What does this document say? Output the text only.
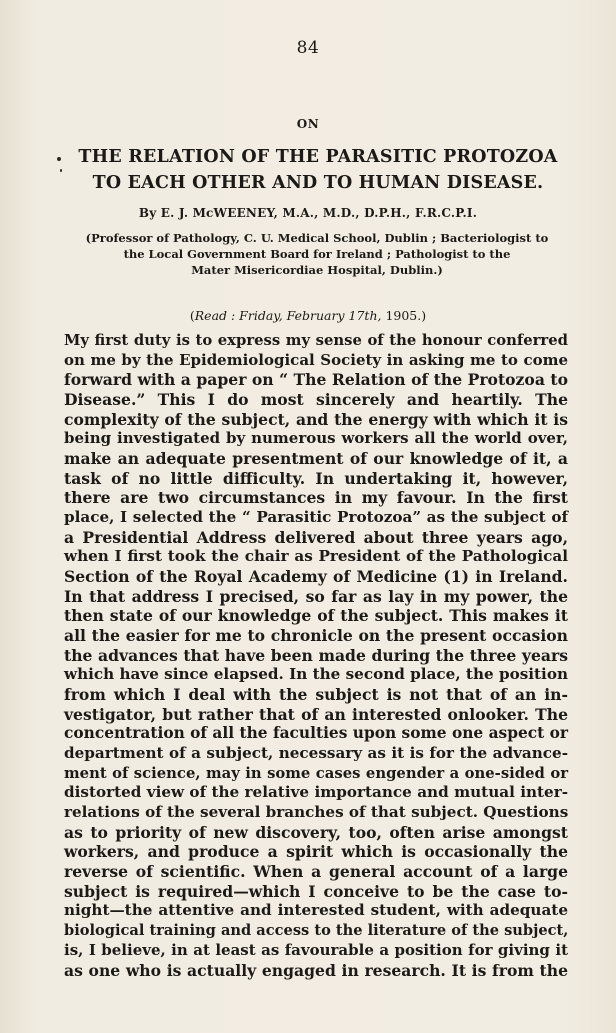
84
ON
THE RELATION OF THE PARASITIC PROTOZOA
TO EACH OTHER AND TO HUMAN DISEASE.
By E. J. McWEENEY, M.A., M.D., D.P.H., F.R.C.P.I.
(Professor of Pathology, C. U. Medical School, Dublin ; Bacteriologist to
the Local Government Board for Ireland ; Pathologist to the
Mater Misericordiae Hospital, Dublin.)
(Read : Friday, February 17th, 1905.)
My first duty is to express my sense of the honour conferred
on me by the Epidemiological Society in asking me to come
forward with a paper on “ The Relation of the Protozoa to
Disease.” This I do most sincerely and heartily. The
complexity of the subject, and the energy with which it is
being investigated by numerous workers all the world over,
make an adequate presentment of our knowledge of it, a
task of no little difficulty. In undertaking it, however,
there are two circumstances in my favour. In the first
place, I selected the “ Parasitic Protozoa” as the subject of
a Presidential Address delivered about three years ago,
when I first took the chair as President of the Pathological
Section of the Royal Academy of Medicine (1) in Ireland.
In that address I precised, so far as lay in my power, the
then state of our knowledge of the subject. This makes it
all the easier for me to chronicle on the present occasion
the advances that have been made during the three years
which have since elapsed. In the second place, the position
from which I deal with the subject is not that of an in-
vestigator, but rather that of an interested onlooker. The
concentration of all the faculties upon some one aspect or
department of a subject, necessary as it is for the advance-
ment of science, may in some cases engender a one-sided or
distorted view of the relative importance and mutual inter-
relations of the several branches of that subject. Questions
as to priority of new discovery, too, often arise amongst
workers, and produce a spirit which is occasionally the
reverse of scientific. When a general account of a large
subject is required—which I conceive to be the case to-
night—the attentive and interested student, with adequate
biological training and access to the literature of the subject,
is, I believe, in at least as favourable a position for giving it
as one who is actually engaged in research. It is from the
